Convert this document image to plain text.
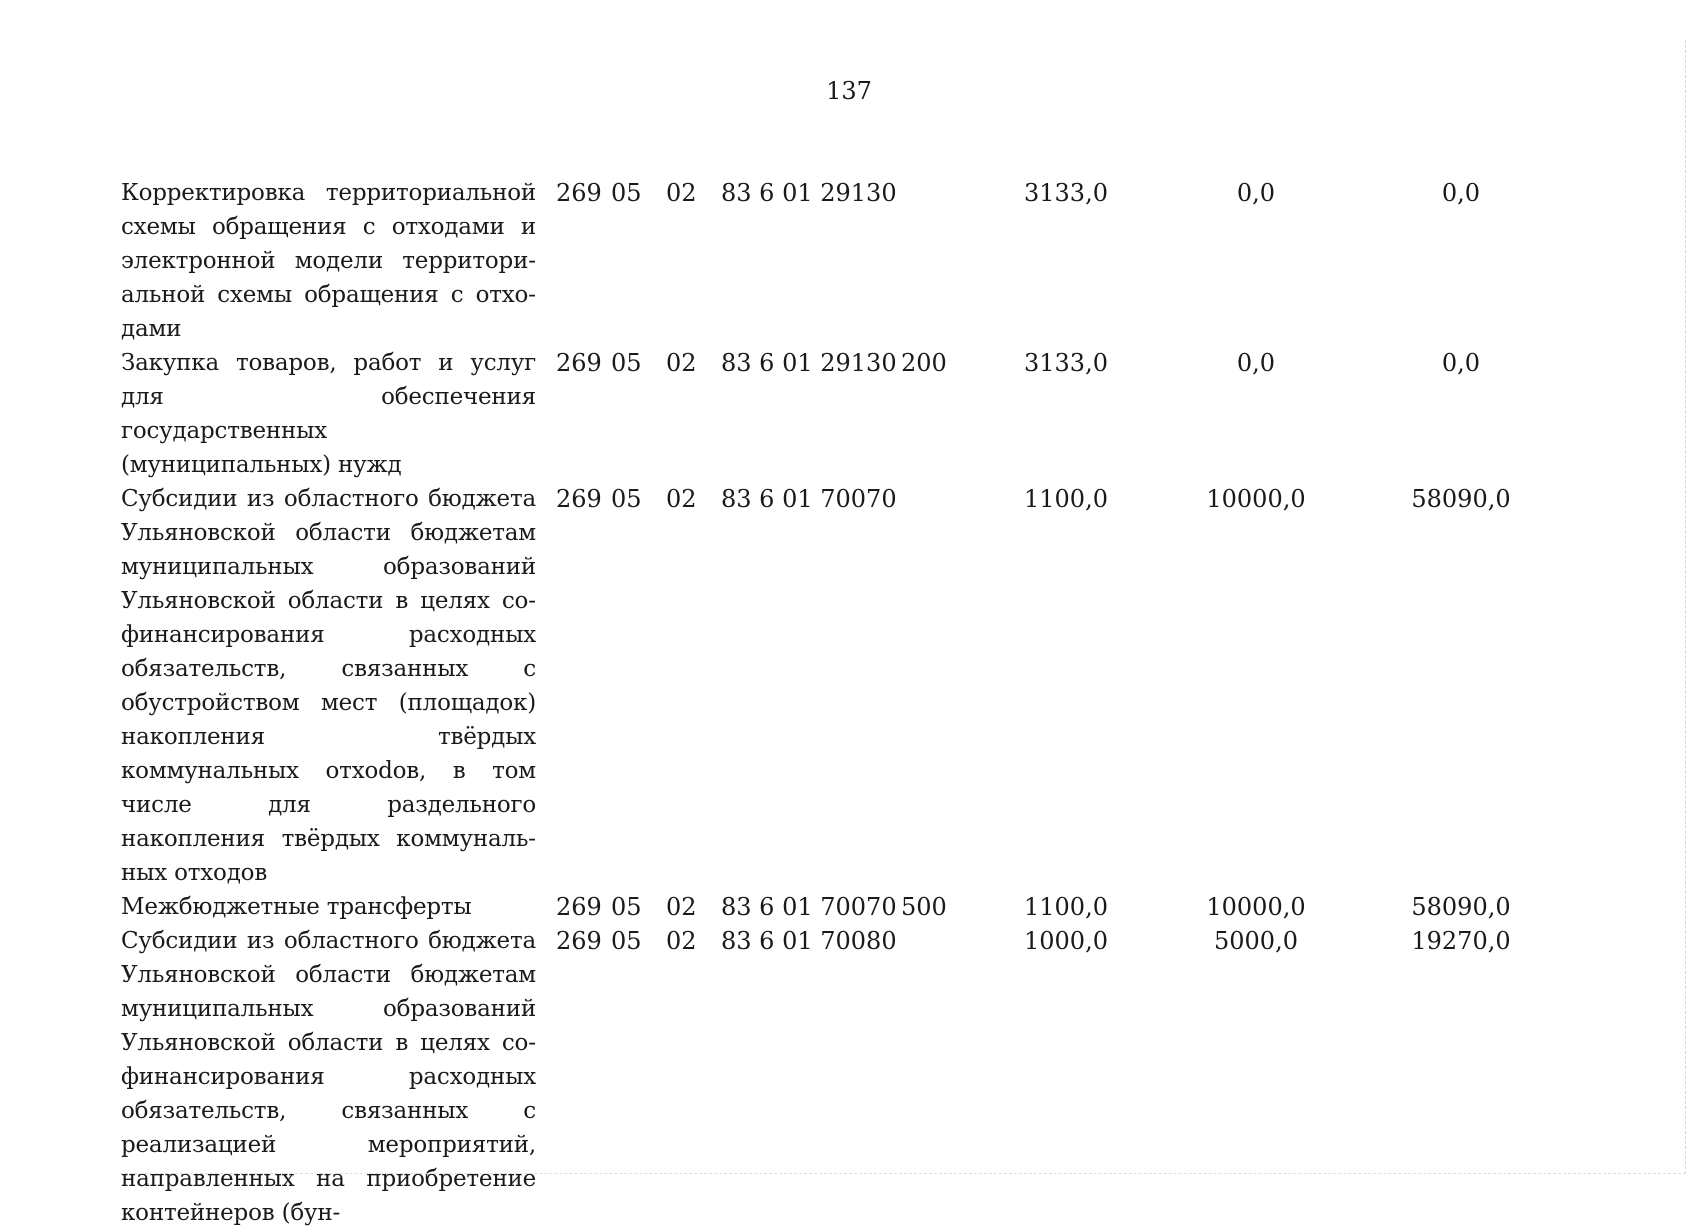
137
Корректировка территориальной схемы обращения с отходами и электронной модели территориальной схемы обращения с отходами		269	05	02	83 6 01 29130		3133,0	0,0	0,0
Закупка товаров, работ и услуг для обеспечения государственных (муниципальных) нужд		269	05	02	83 6 01 29130	200	3133,0	0,0	0,0
Субсидии из областного бюджета Ульяновской области бюджетам муниципальных образований Ульяновской области в целях софинансирования расходных обязательств, связанных с обустройством мест (площадок) накопления твёрдых коммунальных отхоdов, в том числе для раздельного накопления твёрдых коммунальных отходов		269	05	02	83 6 01 70070		1100,0	10000,0	58090,0
Межбюджетные трансферты		269	05	02	83 6 01 70070	500	1100,0	10000,0	58090,0
Субсидии из областного бюджета Ульяновской области бюджетам муниципальных образований Ульяновской области в целях софинансирования расходных обязательств, связанных с реализацией мероприятий, направленных на приобретение контейнеров (бун-		269	05	02	83 6 01 70080		1000,0	5000,0	19270,0
